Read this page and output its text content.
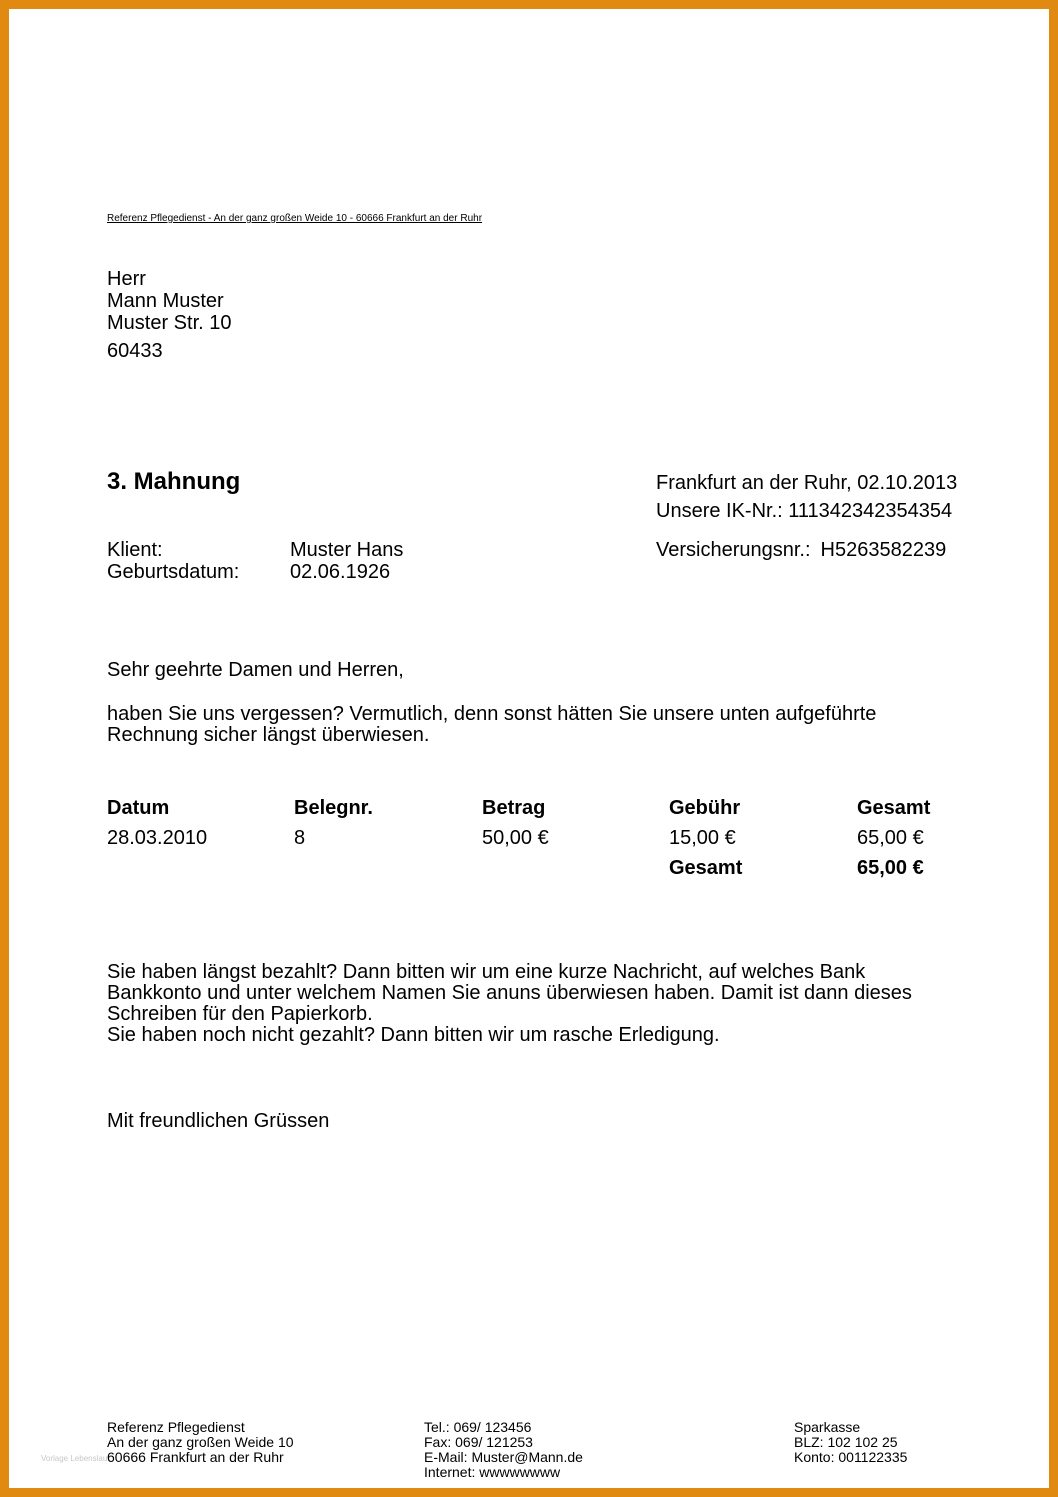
Referenz Pflegedienst - An der ganz großen Weide 10 - 60666 Frankfurt an der Ruhr
Herr
Mann Muster
Muster Str. 10
60433
3. Mahnung	Frankfurt an der Ruhr, 02.10.2013
Unsere IK-Nr.: 111342342354354
Klient:	Muster Hans
Geburtsdatum:	02.06.1926
Versicherungsnr.: H5263582239
Sehr geehrte Damen und Herren,
haben Sie uns vergessen? Vermutlich, denn sonst hätten Sie unsere unten aufgeführte
Rechnung sicher längst überwiesen.
Datum	Belegnr.	Betrag	Gebühr	Gesamt
28.03.2010	8	50,00 €	15,00 €	65,00 €
			Gesamt	65,00 €
Sie haben längst bezahlt? Dann bitten wir um eine kurze Nachricht, auf welches Bank
Bankkonto und unter welchem Namen Sie anuns überwiesen haben. Damit ist dann dieses
Schreiben für den Papierkorb.
Sie haben noch nicht gezahlt? Dann bitten wir um rasche Erledigung.
Mit freundlichen Grüssen
Vorlage Lebenslauf
Referenz Pflegedienst
An der ganz großen Weide 10
60666 Frankfurt an der Ruhr
Tel.: 069/ 123456
Fax: 069/ 121253
E-Mail: Muster@Mann.de
Internet: wwwwwwww
Sparkasse
BLZ: 102 102 25
Konto: 001122335
